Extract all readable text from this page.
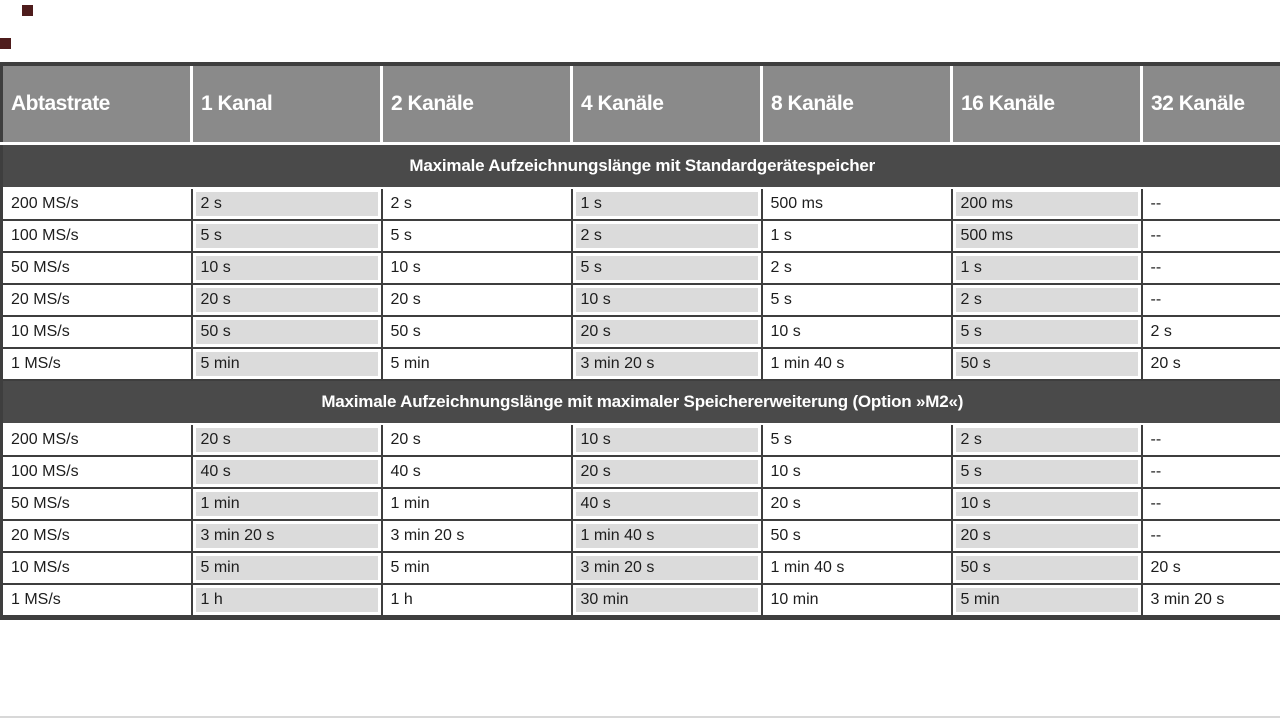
Abtastrate	1 Kanal	2 Kanäle	4 Kanäle	8 Kanäle	16 Kanäle	32 Kanäle
Maximale Aufzeichnungslänge mit Standardgerätespeicher						
200 MS/s	2 s	2 s	1 s	500 ms	200 ms	--
100 MS/s	5 s	5 s	2 s	1 s	500 ms	--
50 MS/s	10 s	10 s	5 s	2 s	1 s	--
20 MS/s	20 s	20 s	10 s	5 s	2 s	--
10 MS/s	50 s	50 s	20 s	10 s	5 s	2 s
1 MS/s	5 min	5 min	3 min 20 s	1 min 40 s	50 s	20 s
Maximale Aufzeichnungslänge mit maximaler Speichererweiterung (Option »M2«)						
200 MS/s	20 s	20 s	10 s	5 s	2 s	--
100 MS/s	40 s	40 s	20 s	10 s	5 s	--
50 MS/s	1 min	1 min	40 s	20 s	10 s	--
20 MS/s	3 min 20 s	3 min 20 s	1 min 40 s	50 s	20 s	--
10 MS/s	5 min	5 min	3 min 20 s	1 min 40 s	50 s	20 s
1 MS/s	1 h	1 h	30 min	10 min	5 min	3 min 20 s
